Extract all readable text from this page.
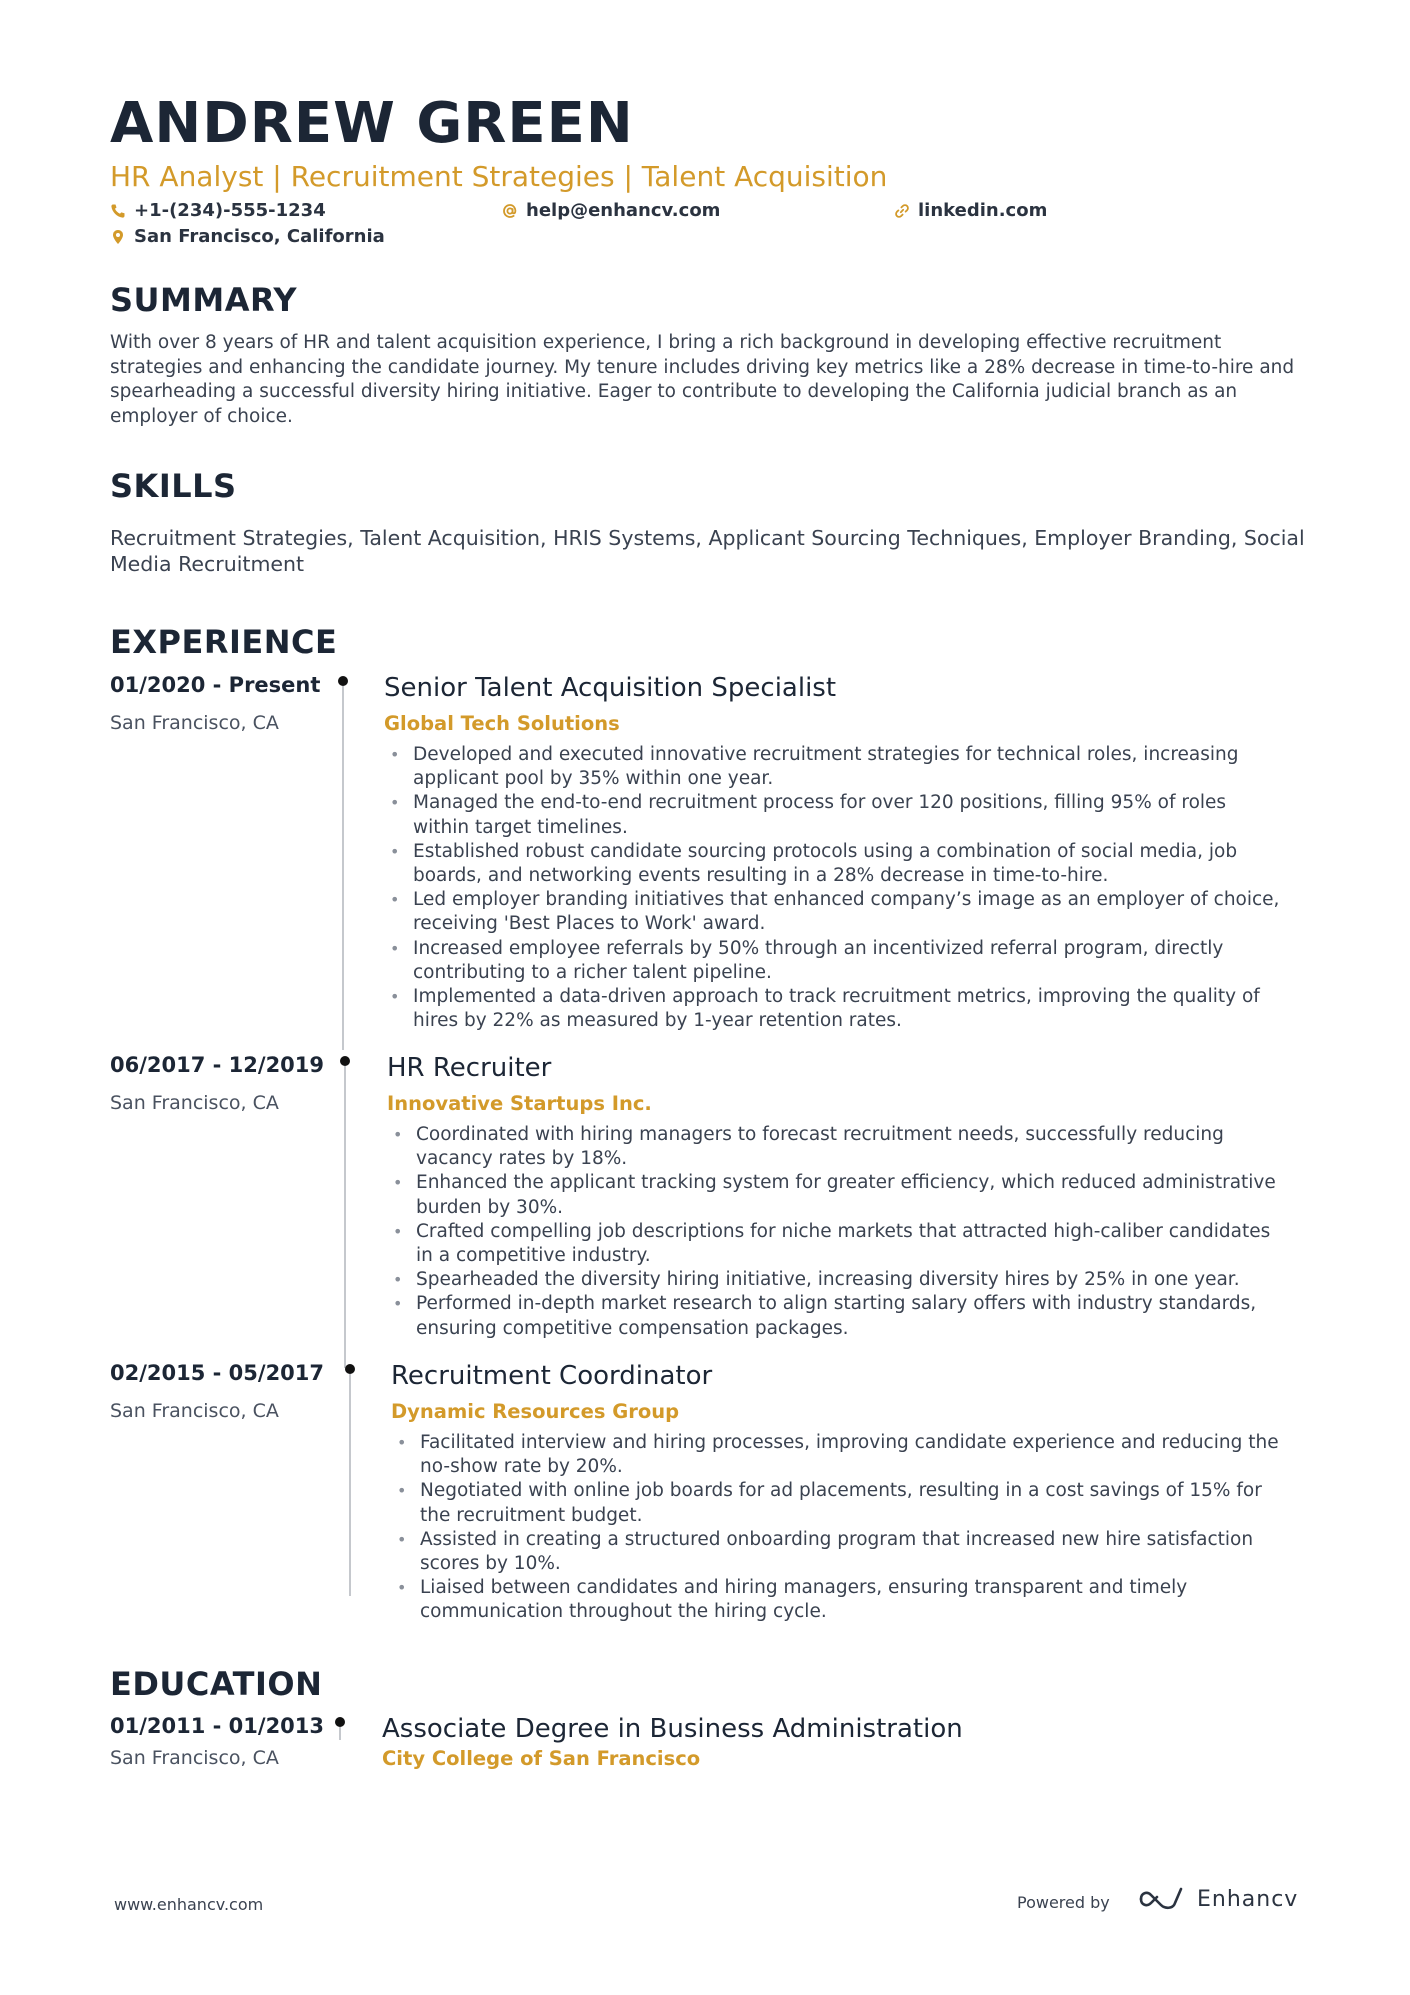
ANDREW GREEN
HR Analyst | Recruitment Strategies | Talent Acquisition
+1-(234)-555-1234	help@enhancv.com	linkedin.com
San Francisco, California
SUMMARY

With over 8 years of HR and talent acquisition experience, I bring a rich background in developing effective recruitment strategies and enhancing the candidate journey. My tenure includes driving key metrics like a 28% decrease in time-to-hire and spearheading a successful diversity hiring initiative. Eager to contribute to developing the California judicial branch as an employer of choice.

SKILLS

Recruitment Strategies, Talent Acquisition, HRIS Systems, Applicant Sourcing Techniques, Employer Branding, Social Media Recruitment

EXPERIENCE
01/2020 - Present
San Francisco, CA
Senior Talent Acquisition Specialist
Global Tech Solutions
• Developed and executed innovative recruitment strategies for technical roles, increasing applicant pool by 35% within one year.
• Managed the end-to-end recruitment process for over 120 positions, filling 95% of roles within target timelines.
• Established robust candidate sourcing protocols using a combination of social media, job boards, and networking events resulting in a 28% decrease in time-to-hire.
• Led employer branding initiatives that enhanced company’s image as an employer of choice, receiving 'Best Places to Work' award.
• Increased employee referrals by 50% through an incentivized referral program, directly contributing to a richer talent pipeline.
• Implemented a data-driven approach to track recruitment metrics, improving the quality of hires by 22% as measured by 1-year retention rates.
06/2017 - 12/2019
San Francisco, CA
HR Recruiter
Innovative Startups Inc.
• Coordinated with hiring managers to forecast recruitment needs, successfully reducing vacancy rates by 18%.
• Enhanced the applicant tracking system for greater efficiency, which reduced administrative burden by 30%.
• Crafted compelling job descriptions for niche markets that attracted high-caliber candidates in a competitive industry.
• Spearheaded the diversity hiring initiative, increasing diversity hires by 25% in one year.
• Performed in-depth market research to align starting salary offers with industry standards, ensuring competitive compensation packages.
02/2015 - 05/2017
San Francisco, CA
Recruitment Coordinator
Dynamic Resources Group
• Facilitated interview and hiring processes, improving candidate experience and reducing the no-show rate by 20%.
• Negotiated with online job boards for ad placements, resulting in a cost savings of 15% for the recruitment budget.
• Assisted in creating a structured onboarding program that increased new hire satisfaction scores by 10%.
• Liaised between candidates and hiring managers, ensuring transparent and timely communication throughout the hiring cycle.
EDUCATION
01/2011 - 01/2013
San Francisco, CA
Associate Degree in Business Administration
City College of San Francisco
www.enhancv.com	Powered by	Enhancv
